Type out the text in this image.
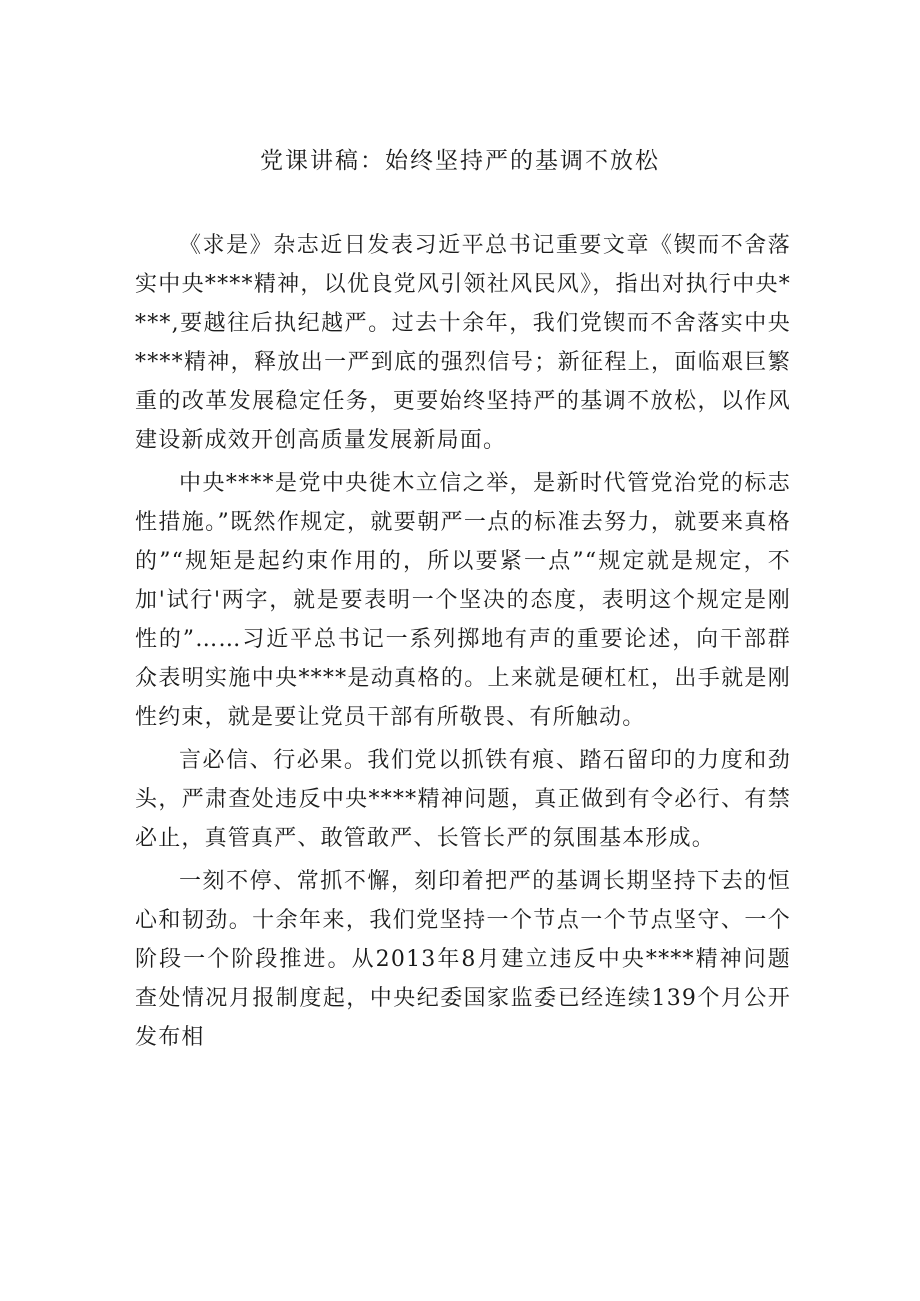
党课讲稿：始终坚持严的基调不放松

《求是》杂志近日发表习近平总书记重要文章《锲而不舍落实中央****精神，以优良党风引领社风民风》，指出对执行中央****,要越往后执纪越严。过去十余年，我们党锲而不舍落实中央****精神，释放出一严到底的强烈信号；新征程上，面临艰巨繁重的改革发展稳定任务，更要始终坚持严的基调不放松，以作风建设新成效开创高质量发展新局面。

中央****是党中央徙木立信之举，是新时代管党治党的标志性措施。”既然作规定，就要朝严一点的标准去努力，就要来真格的”“规矩是起约束作用的，所以要紧一点”“规定就是规定，不加'试行'两字，就是要表明一个坚决的态度，表明这个规定是刚性的”……习近平总书记一系列掷地有声的重要论述，向干部群众表明实施中央****是动真格的。上来就是硬杠杠，出手就是刚性约束，就是要让党员干部有所敬畏、有所触动。

言必信、行必果。我们党以抓铁有痕、踏石留印的力度和劲头，严肃查处违反中央****精神问题，真正做到有令必行、有禁必止，真管真严、敢管敢严、长管长严的氛围基本形成。

一刻不停、常抓不懈，刻印着把严的基调长期坚持下去的恒心和韧劲。十余年来，我们党坚持一个节点一个节点坚守、一个阶段一个阶段推进。从2013年8月建立违反中央****精神问题查处情况月报制度起，中央纪委国家监委已经连续139个月公开发布相
